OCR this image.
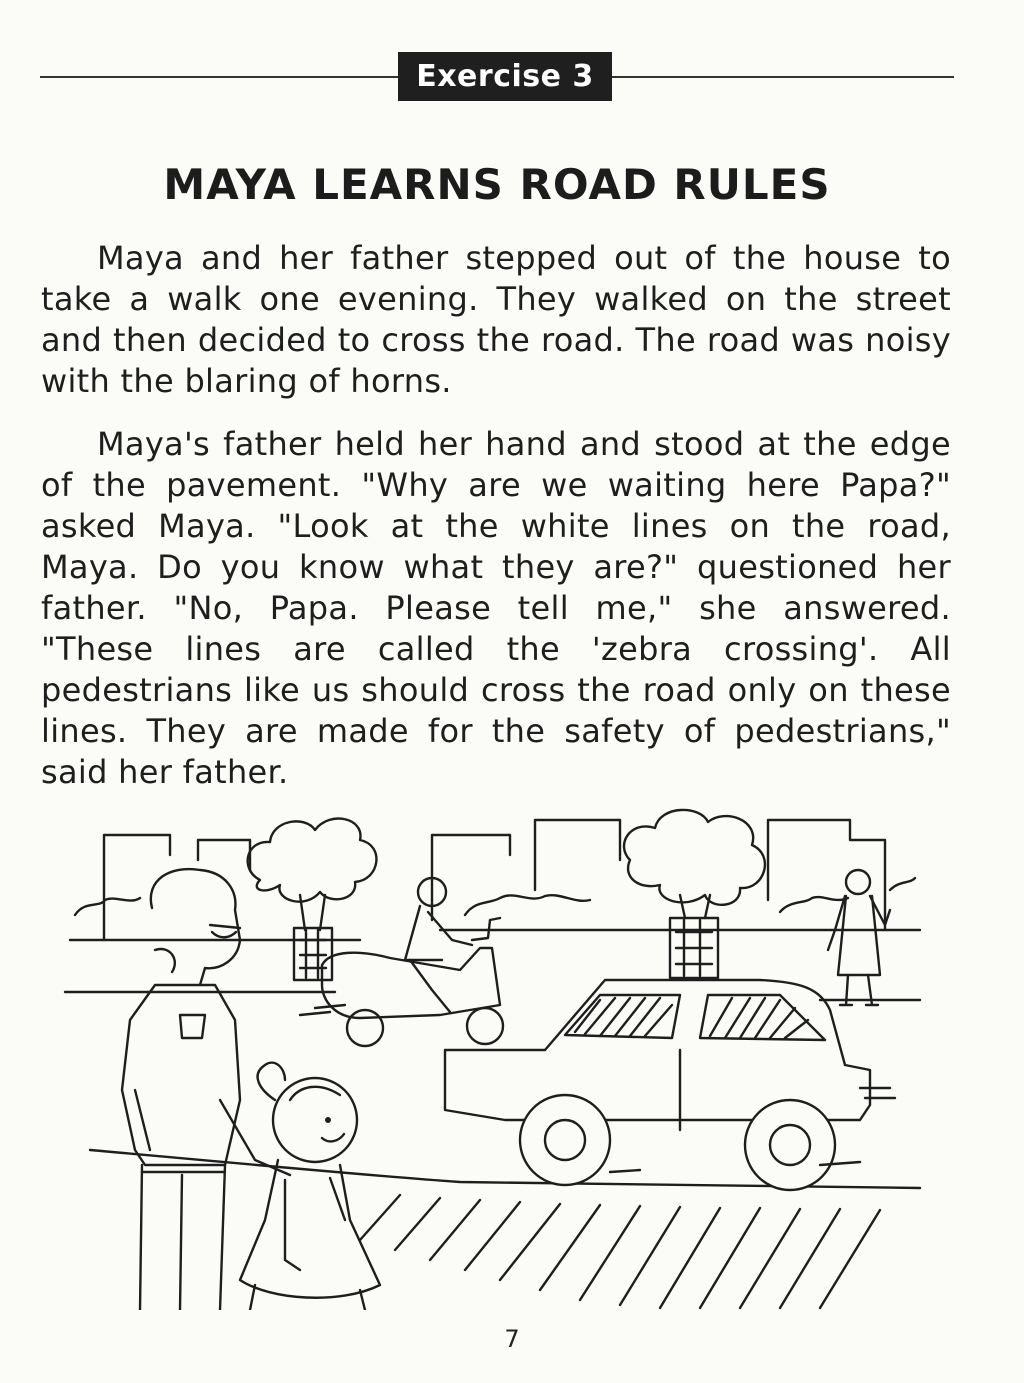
Exercise 3
MAYA LEARNS ROAD RULES

Maya and her father stepped out of the house to take a walk one evening. They walked on the street and then decided to cross the road. The road was noisy with the blaring of horns.

Maya's father held her hand and stood at the edge of the pavement. "Why are we waiting here Papa?" asked Maya. "Look at the white lines on the road, Maya. Do you know what they are?" questioned her father. "No, Papa. Please tell me," she answered. "These lines are called the 'zebra crossing'. All pedestrians like us should cross the road only on these lines. They are made for the safety of pedestrians," said her father.

7
